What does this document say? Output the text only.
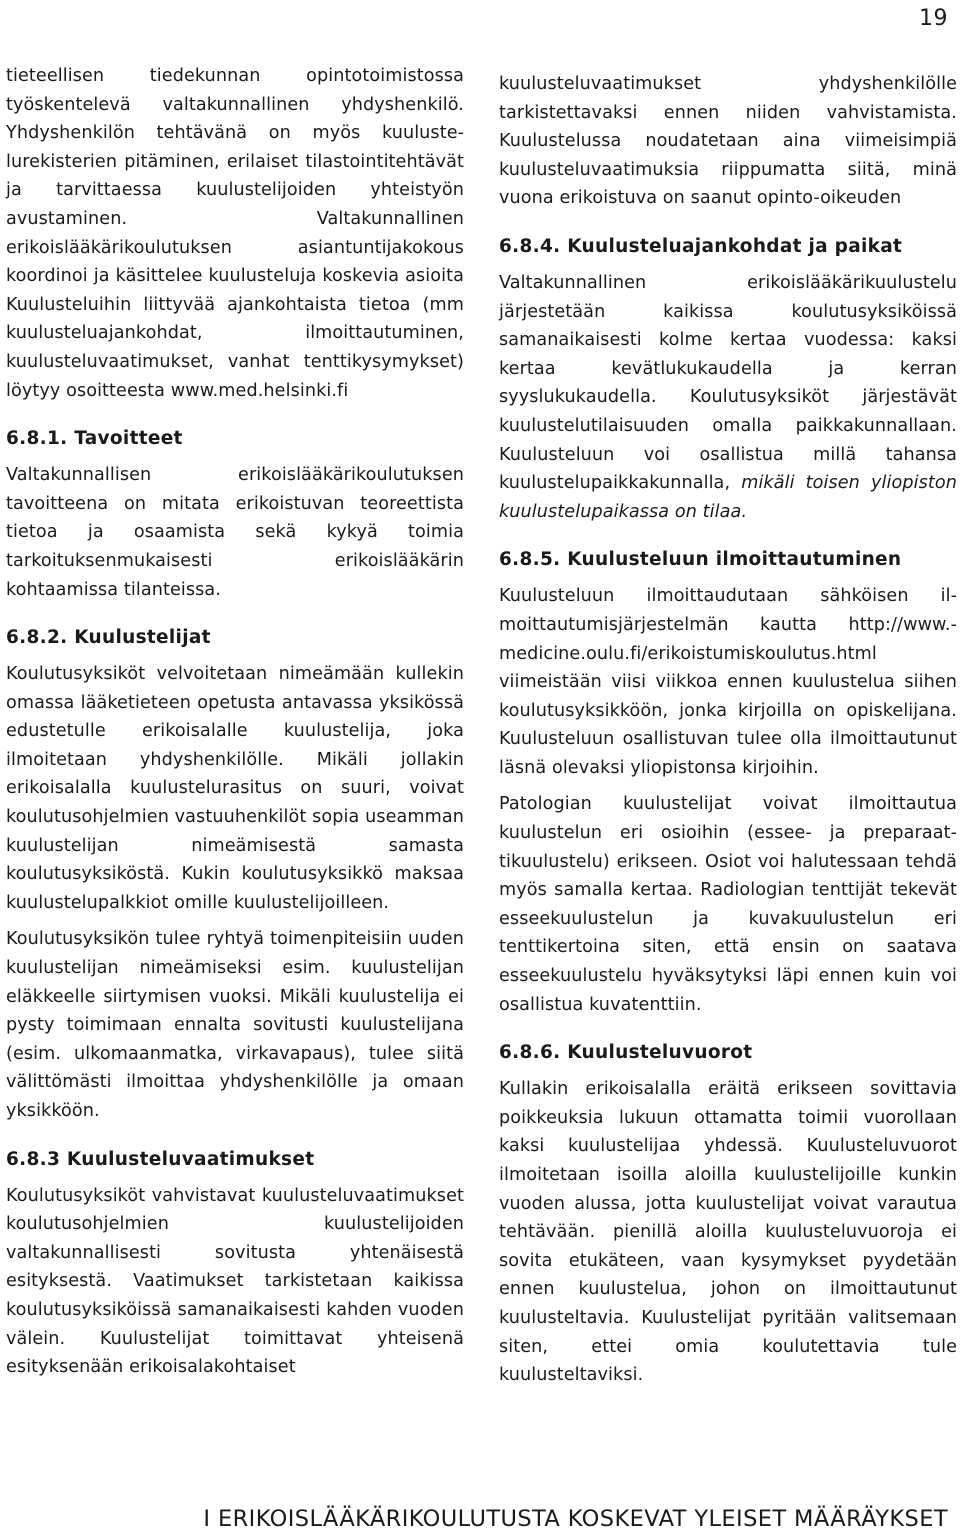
19

tieteellisen tiedekunnan opintotoimistossa työskentelevä valtakunnallinen yhdyshenkilö. Yhdyshenkilön tehtävänä on myös kuulustelurekisterien pitäminen, erilaiset tilastointitehtävät ja tarvittaessa kuulustelijoiden yhteistyön avustaminen. Valtakunnallinen erikoislääkärikoulutuksen asiantuntijakokous koordinoi ja käsittelee kuulusteluja koskevia asioita Kuulusteluihin liittyvää ajankohtaista tietoa (mm kuulusteluajankohdat, ilmoittautuminen, kuulusteluvaatimukset, vanhat tenttikysymykset) löytyy osoitteesta www.med.helsinki.fi

6.8.1. Tavoitteet

Valtakunnallisen erikoislääkärikoulutuksen tavoitteena on mitata erikoistuvan teoreettista tietoa ja osaamista sekä kykyä toimia tarkoituksenmukaisesti erikoislääkärin kohtaamissa tilanteissa.

6.8.2. Kuulustelijat

Koulutusyksiköt velvoitetaan nimeämään kullekin omassa lääketieteen opetusta antavassa yksikössä edustetulle erikoisalalle kuulustelija, joka ilmoitetaan yhdyshenkilölle. Mikäli jollakin erikoisalalla kuulustelurasitus on suuri, voivat koulutusohjelmien vastuuhenkilöt sopia useamman kuulustelijan nimeämisestä samasta koulutusyksiköstä. Kukin koulutusyksikkö maksaa kuulustelupalkkiot omille kuulustelijoilleen.

Koulutusyksikön tulee ryhtyä toimenpiteisiin uuden kuulustelijan nimeämiseksi esim. kuulustelijan eläkkeelle siirtymisen vuoksi. Mikäli kuulustelija ei pysty toimimaan ennalta sovitusti kuulustelijana (esim. ulkomaanmatka, virkavapaus), tulee siitä välittömästi ilmoittaa yhdyshenkilölle ja omaan yksikköön.

6.8.3 Kuulusteluvaatimukset

Koulutusyksiköt vahvistavat kuulusteluvaatimukset koulutusohjelmien kuulustelijoiden valtakunnallisesti sovitusta yhtenäisestä esityksestä. Vaatimukset tarkistetaan kaikissa koulutusyksiköissä samanaikaisesti kahden vuoden välein. Kuulustelijat toimittavat yhteisenä esityksenään erikoisalakohtaiset

kuulusteluvaatimukset yhdyshenkilölle tarkistettavaksi ennen niiden vahvistamista. Kuulustelussa noudatetaan aina viimeisimpiä kuulusteluvaatimuksia riippumatta siitä, minä vuona erikoistuva on saanut opinto-oikeuden

6.8.4. Kuulusteluajankohdat ja paikat

Valtakunnallinen erikoislääkärikuulustelu järjestetään kaikissa koulutusyksiköissä samanaikaisesti kolme kertaa vuodessa: kaksi kertaa kevätlukukaudella ja kerran syyslukukaudella. Koulutusyksiköt järjestävät kuulustelutilaisuuden omalla paikkakunnallaan. Kuulusteluun voi osallistua millä tahansa kuulustelupaikkakunnalla, mikäli toisen yliopiston kuulustelupaikassa on tilaa.

6.8.5. Kuulusteluun ilmoittautuminen

Kuulusteluun ilmoittaudutaan sähköisen ilmoittautumisjärjestelmän kautta http://www.medicine.oulu.fi/erikoistumiskoulutus.html viimeistään viisi viikkoa ennen kuulustelua siihen koulutusyksikköön, jonka kirjoilla on opiskelijana. Kuulusteluun osallistuvan tulee olla ilmoittautunut läsnä olevaksi yliopistonsa kirjoihin.

Patologian kuulustelijat voivat ilmoittautua kuulustelun eri osioihin (essee- ja preparaattikuulustelu) erikseen. Osiot voi halutessaan tehdä myös samalla kertaa. Radiologian tenttijät tekevät esseekuulustelun ja kuvakuulustelun eri tenttikertoina siten, että ensin on saatava esseekuulustelu hyväksytyksi läpi ennen kuin voi osallistua kuvatenttiin.

6.8.6. Kuulusteluvuorot

Kullakin erikoisalalla eräitä erikseen sovittavia poikkeuksia lukuun ottamatta toimii vuorollaan kaksi kuulustelijaa yhdessä. Kuulusteluvuorot ilmoitetaan isoilla aloilla kuulustelijoille kunkin vuoden alussa, jotta kuulustelijat voivat varautua tehtävään. pienillä aloilla kuulusteluvuoroja ei sovita etukäteen, vaan kysymykset pyydetään ennen kuulustelua, johon on ilmoittautunut kuulusteltavia. Kuulustelijat pyritään valitsemaan siten, ettei omia koulutettavia tule kuulusteltaviksi.

I ERIKOISLÄÄKÄRIKOULUTUSTA KOSKEVAT YLEISET MÄÄRÄYKSET
